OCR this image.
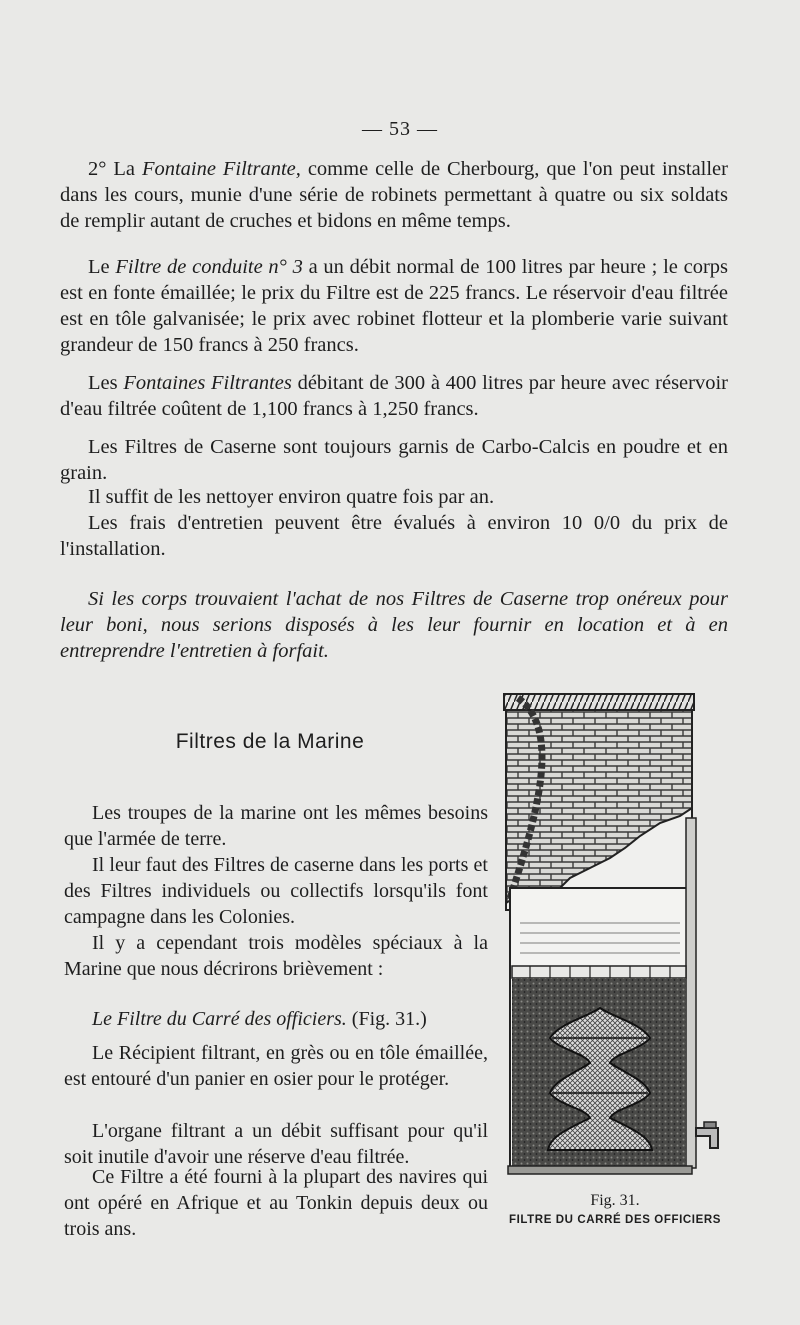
— 53 —

2° La Fontaine Filtrante, comme celle de Cherbourg, que l'on peut installer dans les cours, munie d'une série de robinets permettant à quatre ou six soldats de remplir autant de cruches et bidons en même temps.

Le Filtre de conduite n° 3 a un débit normal de 100 litres par heure ; le corps est en fonte émaillée; le prix du Filtre est de 225 francs. Le réservoir d'eau filtrée est en tôle galvanisée; le prix avec robinet flotteur et la plomberie varie suivant grandeur de 150 francs à 250 francs.

Les Fontaines Filtrantes débitant de 300 à 400 litres par heure avec réservoir d'eau filtrée coûtent de 1,100 francs à 1,250 francs.

Les Filtres de Caserne sont toujours garnis de Carbo-Calcis en poudre et en grain.

Il suffit de les nettoyer environ quatre fois par an.

Les frais d'entretien peuvent être évalués à environ 10 0/0 du prix de l'installation.

Si les corps trouvaient l'achat de nos Filtres de Caserne trop onéreux pour leur boni, nous serions disposés à les leur fournir en location et à en entreprendre l'entretien à forfait.

Filtres de la Marine

Les troupes de la marine ont les mêmes besoins que l'armée de terre.

Il leur faut des Filtres de caserne dans les ports et des Filtres individuels ou collectifs lorsqu'ils font campagne dans les Colonies.

Il y a cependant trois modèles spéciaux à la Marine que nous décrirons brièvement :

Le Filtre du Carré des officiers. (Fig. 31.)

Le Récipient filtrant, en grès ou en tôle émaillée, est entouré d'un panier en osier pour le protéger.

L'organe filtrant a un débit suffisant pour qu'il soit inutile d'avoir une réserve d'eau filtrée.

Ce Filtre a été fourni à la plupart des navires qui ont opéré en Afrique et au Tonkin depuis deux ou trois ans.

Fig. 31.
FILTRE DU CARRÉ DES OFFICIERS
